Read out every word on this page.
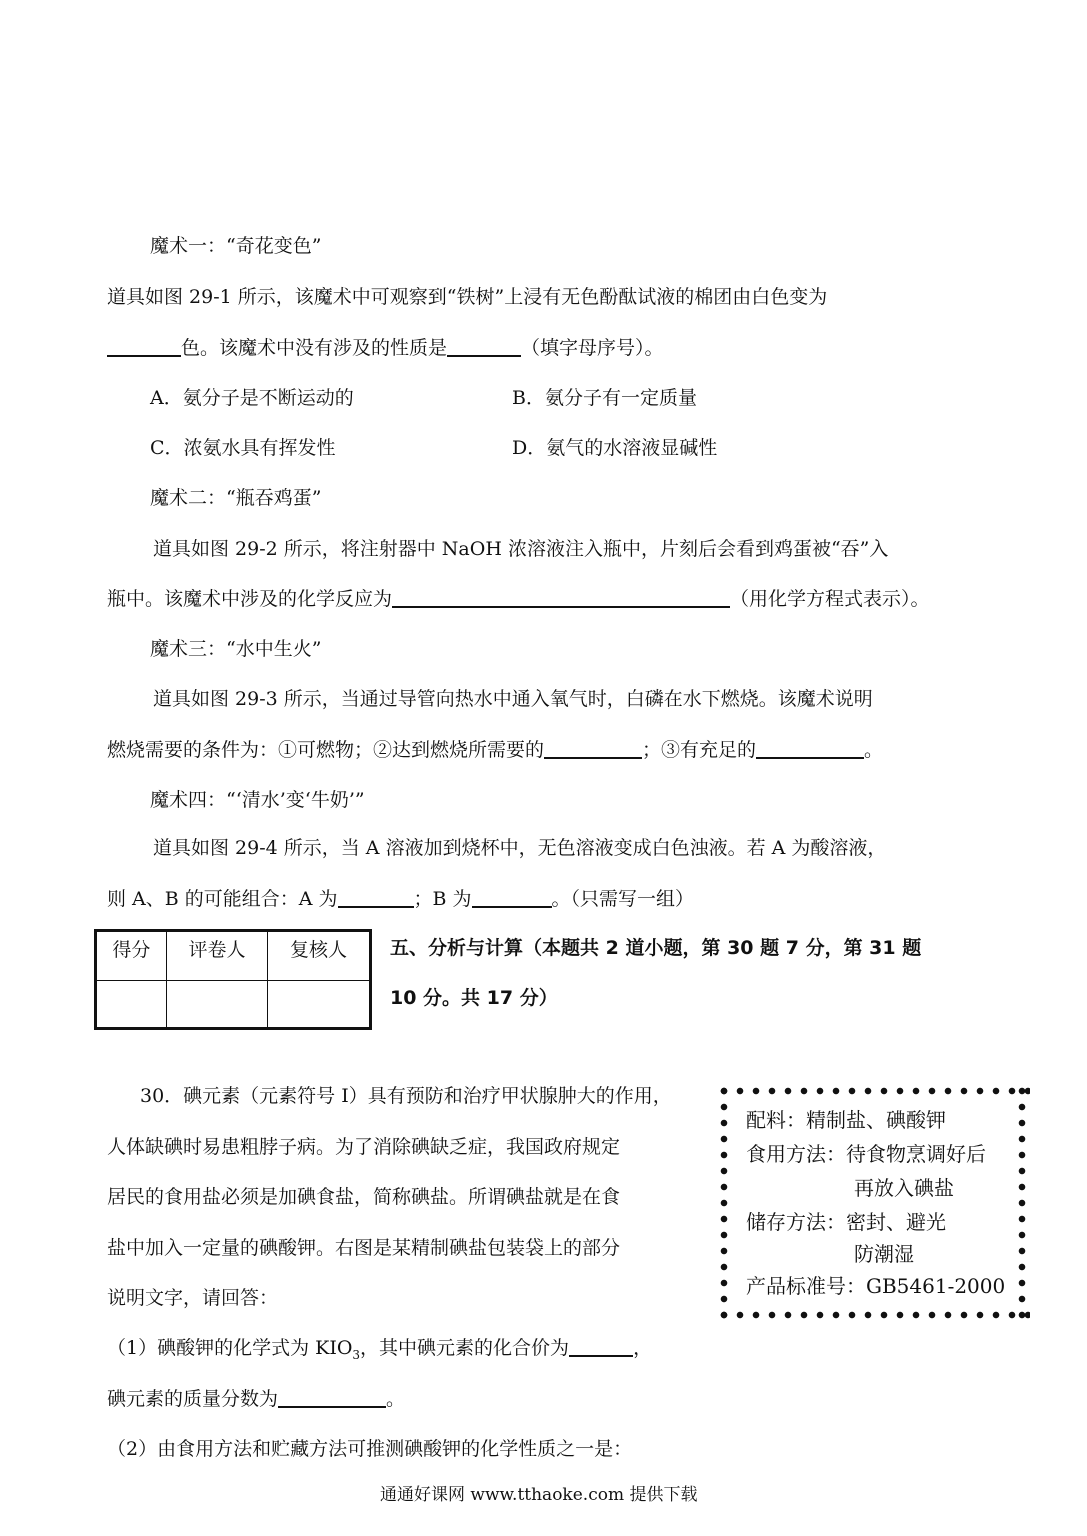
魔术一：“奇花变色”
道具如图 29-1 所示，该魔术中可观察到“铁树”上浸有无色酚酞试液的棉团由白色变为
色。该魔术中没有涉及的性质是	（填字母序号）。
A．氨分子是不断运动的	B．氨分子有一定质量
C．浓氨水具有挥发性	D．氨气的水溶液显碱性
魔术二：“瓶吞鸡蛋”
道具如图 29-2 所示，将注射器中 NaOH 浓溶液注入瓶中，片刻后会看到鸡蛋被“吞”入
瓶中。该魔术中涉及的化学反应为	（用化学方程式表示）。
魔术三：“水中生火”
道具如图 29-3 所示，当通过导管向热水中通入氧气时，白磷在水下燃烧。该魔术说明
燃烧需要的条件为：①可燃物；②达到燃烧所需要的	；③有充足的	。
魔术四：“‘清水’变‘牛奶’”
道具如图 29-4 所示，当 A 溶液加到烧杯中，无色溶液变成白色浊液。若 A 为酸溶液，
则 A、B 的可能组合：A 为	；B 为	。（只需写一组）
得分	评卷人	复核人
		五、分析与计算（本题共 2 道小题，第 30 题 7 分，第 31 题
10 分。共 17 分）
30．碘元素（元素符号 I）具有预防和治疗甲状腺肿大的作用，
人体缺碘时易患粗脖子病。为了消除碘缺乏症，我国政府规定
居民的食用盐必须是加碘食盐，简称碘盐。所谓碘盐就是在食
盐中加入一定量的碘酸钾。右图是某精制碘盐包装袋上的部分
说明文字，请回答：
（1）碘酸钾的化学式为 $KIO_3$，其中碘元素的化合价为	，
碘元素的质量分数为	。
（2）由食用方法和贮藏方法可推测碘酸钾的化学性质之一是：
配料：精制盐、碘酸钾
食用方法：待食物烹调好后
再放入碘盐
储存方法：密封、避光
防潮湿
产品标准号：GB5461-2000
通通好课网 www.tthaoke.com 提供下载
